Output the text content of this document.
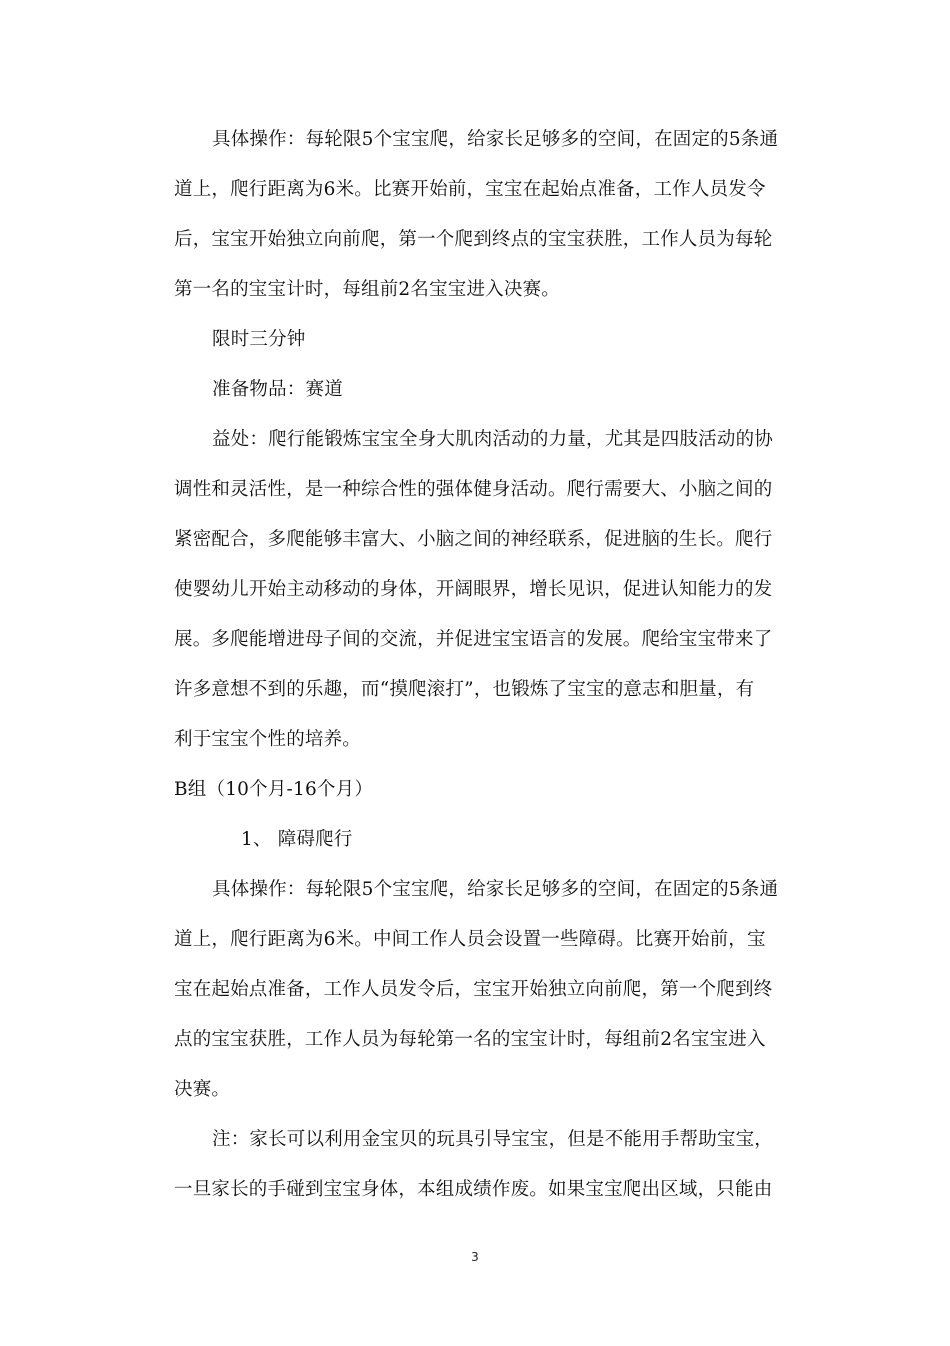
具体操作：每轮限5个宝宝爬，给家长足够多的空间，在固定的5条通
道上，爬行距离为6米。比赛开始前，宝宝在起始点准备，工作人员发令
后，宝宝开始独立向前爬，第一个爬到终点的宝宝获胜，工作人员为每轮
第一名的宝宝计时，每组前2名宝宝进入决赛。
限时三分钟
准备物品：赛道
益处：爬行能锻炼宝宝全身大肌肉活动的力量，尤其是四肢活动的协
调性和灵活性，是一种综合性的强体健身活动。爬行需要大、小脑之间的
紧密配合，多爬能够丰富大、小脑之间的神经联系，促进脑的生长。爬行
使婴幼儿开始主动移动的身体，开阔眼界，增长见识，促进认知能力的发
展。多爬能增进母子间的交流，并促进宝宝语言的发展。爬给宝宝带来了
许多意想不到的乐趣，而“摸爬滚打”，也锻炼了宝宝的意志和胆量，有
利于宝宝个性的培养。
B组（10个月-16个月）
1、 障碍爬行
具体操作：每轮限5个宝宝爬，给家长足够多的空间，在固定的5条通
道上，爬行距离为6米。中间工作人员会设置一些障碍。比赛开始前，宝
宝在起始点准备，工作人员发令后，宝宝开始独立向前爬，第一个爬到终
点的宝宝获胜，工作人员为每轮第一名的宝宝计时，每组前2名宝宝进入
决赛。
注：家长可以利用金宝贝的玩具引导宝宝，但是不能用手帮助宝宝，
一旦家长的手碰到宝宝身体，本组成绩作废。如果宝宝爬出区域，只能由
3
